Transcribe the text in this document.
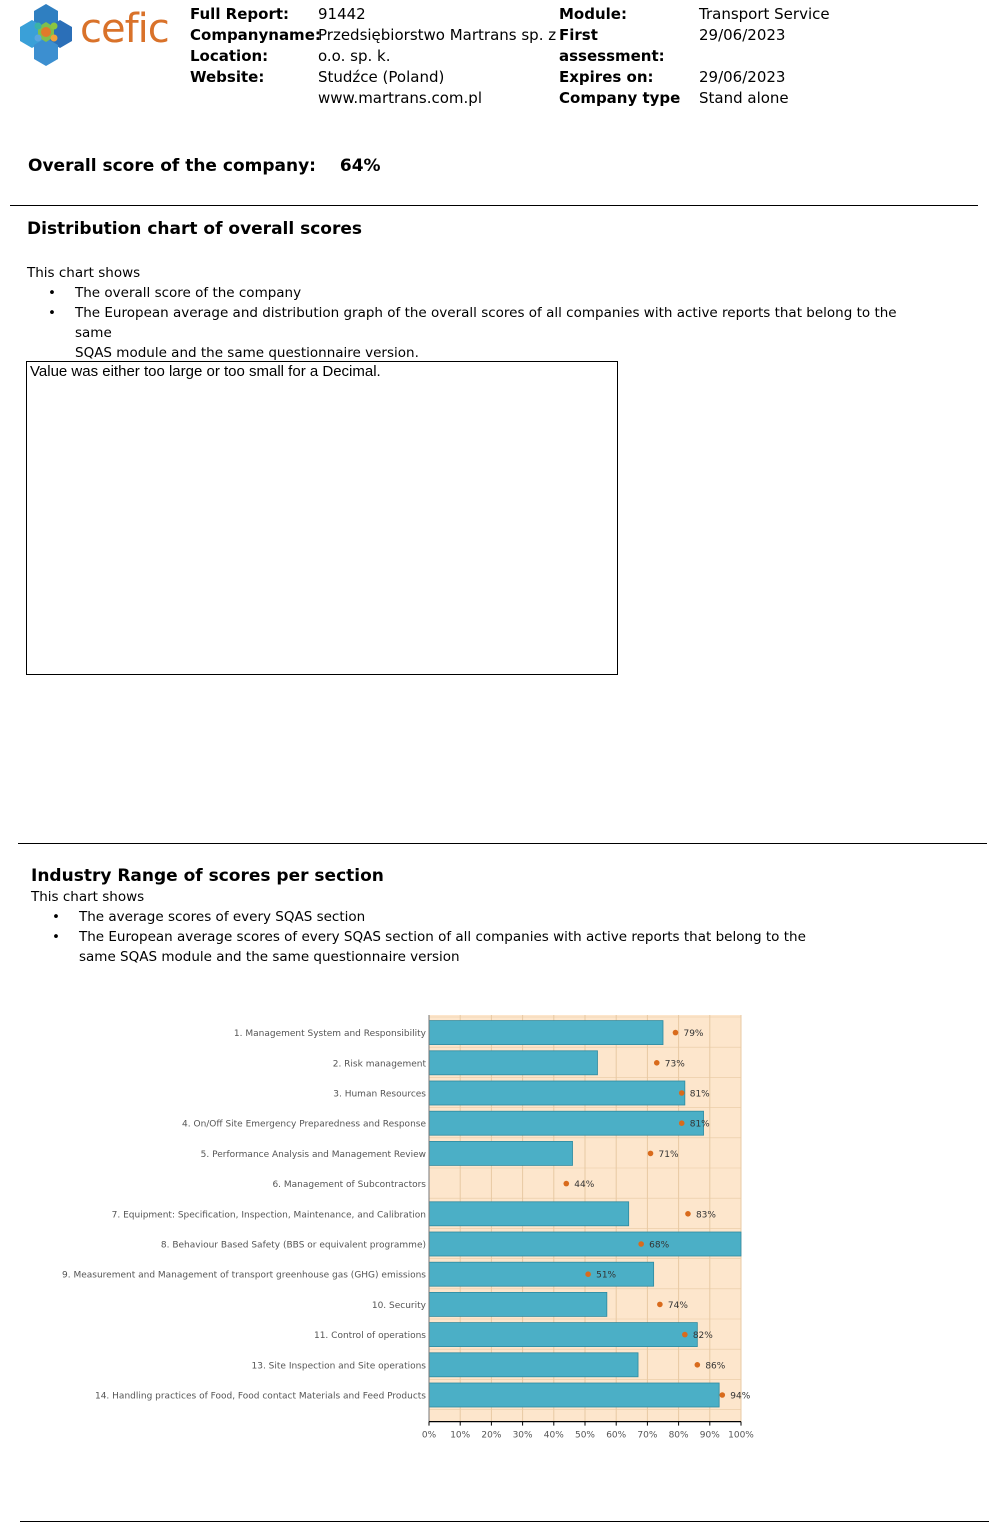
cefic Full Report:	91442
Companyname:
Przedsiębiorstwo Martrans sp. z
Location:	o.o. sp. k.
Website:	Studźce (Poland)
www.martrans.com.pl
Module:	Transport Service
First assessment:
29/06/2023
Expires on:	29/06/2023
Company type	Stand alone
Overall score of the company: 64%
Distribution chart of overall scores
This chart shows
• The overall score of the company
• The European average and distribution graph of the overall scores of all companies with active reports that belong to the same
SQAS module and the same questionnaire version.
Value was either too large or too small for a Decimal.
Industry Range of scores per section
This chart shows
• The average scores of every SQAS section
• The European average scores of every SQAS section of all companies with active reports that belong to the
same SQAS module and the same questionnaire version
1. Management System and Responsibility	79%
2. Risk management	73%
3. Human Resources	81%
4. On/Off Site Emergency Preparedness and Response	81%
5. Performance Analysis and Management Review	71%
6. Management of Subcontractors	44%
7. Equipment: Specification, Inspection, Maintenance, and Calibration	83%
8. Behaviour Based Safety (BBS or equivalent programme)	68%
9. Measurement and Management of transport greenhouse gas (GHG) emissions	51%
10. Security	74%
11. Control of operations	82%
13. Site Inspection and Site operations	86%
14. Handling practices of Food, Food contact Materials and Feed Products	94%
0% 10% 20% 30% 40% 50% 60% 70% 80% 90% 100%
